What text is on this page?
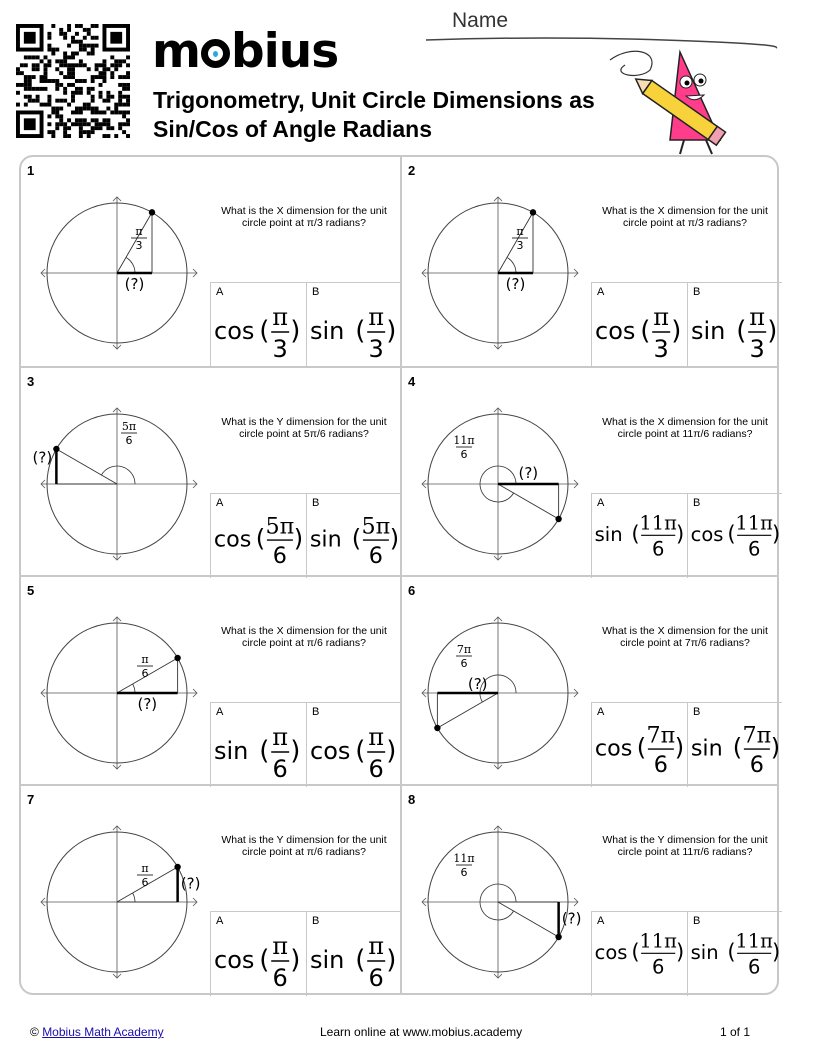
m bius
Trigonometry, Unit Circle Dimensions as Sin/Cos of Angle Radians
Name
1
π
3
(?)
What is the X dimension for the unit circle point at π/3 radians?
A
cos ( π
3
)
B
sin ( π
3
)
2
π
3
(?)
What is the X dimension for the unit circle point at π/3 radians?
A
cos ( π
3
)
B
sin ( π
3
)
3
5π
6
(?)
What is the Y dimension for the unit circle point at 5π/6 radians?
A
cos ( 5π
6
)
B
sin ( 5π
6
)
4
11π
6
(?)
What is the X dimension for the unit circle point at 11π/6 radians?
A
sin ( 11π
6
)
B
cos ( 11π
6
)
5
π
6
(?)
What is the X dimension for the unit circle point at π/6 radians?
A
sin ( π
6
)
B
cos ( π
6
)
6
7π
6
(?)
What is the X dimension for the unit circle point at 7π/6 radians?
A
cos ( 7π
6
)
B
sin ( 7π
6
)
7
π
6 (?)
What is the Y dimension for the unit circle point at π/6 radians?
A
cos ( π
6
)
B
sin ( π
6
)
8
11π
6
(?)
What is the Y dimension for the unit circle point at 11π/6 radians?
A
cos ( 11π
6
)
B
sin ( 11π
6
)
© Mobius Math Academy	Learn online at www.mobius.academy	1 of 1
